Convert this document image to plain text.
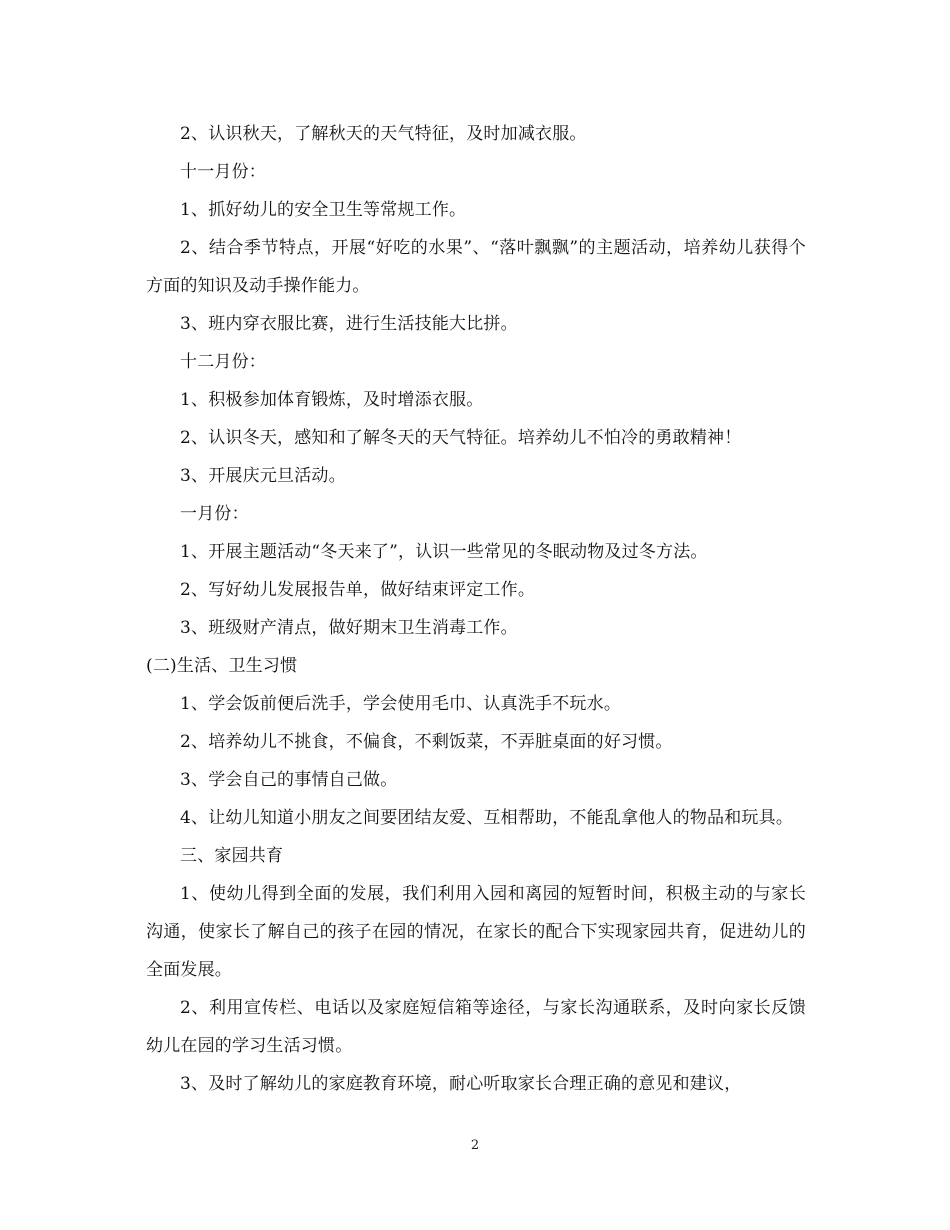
2、认识秋天，了解秋天的天气特征，及时加减衣服。

十一月份：

1、抓好幼儿的安全卫生等常规工作。

2、结合季节特点，开展“好吃的水果”、“落叶飘飘”的主题活动，培养幼儿获得个方面的知识及动手操作能力。

3、班内穿衣服比赛，进行生活技能大比拼。

十二月份：

1、积极参加体育锻炼，及时增添衣服。

2、认识冬天，感知和了解冬天的天气特征。培养幼儿不怕冷的勇敢精神！

3、开展庆元旦活动。

一月份：

1、开展主题活动“冬天来了”，认识一些常见的冬眠动物及过冬方法。

2、写好幼儿发展报告单，做好结束评定工作。

3、班级财产清点，做好期末卫生消毒工作。

(二)生活、卫生习惯

1、学会饭前便后洗手，学会使用毛巾、认真洗手不玩水。

2、培养幼儿不挑食，不偏食，不剩饭菜，不弄脏桌面的好习惯。

3、学会自己的事情自己做。

4、让幼儿知道小朋友之间要团结友爱、互相帮助，不能乱拿他人的物品和玩具。

三、家园共育

1、使幼儿得到全面的发展，我们利用入园和离园的短暂时间，积极主动的与家长沟通，使家长了解自己的孩子在园的情况，在家长的配合下实现家园共育，促进幼儿的全面发展。

2、利用宣传栏、电话以及家庭短信箱等途径，与家长沟通联系，及时向家长反馈幼儿在园的学习生活习惯。

3、及时了解幼儿的家庭教育环境，耐心听取家长合理正确的意见和建议，

2
